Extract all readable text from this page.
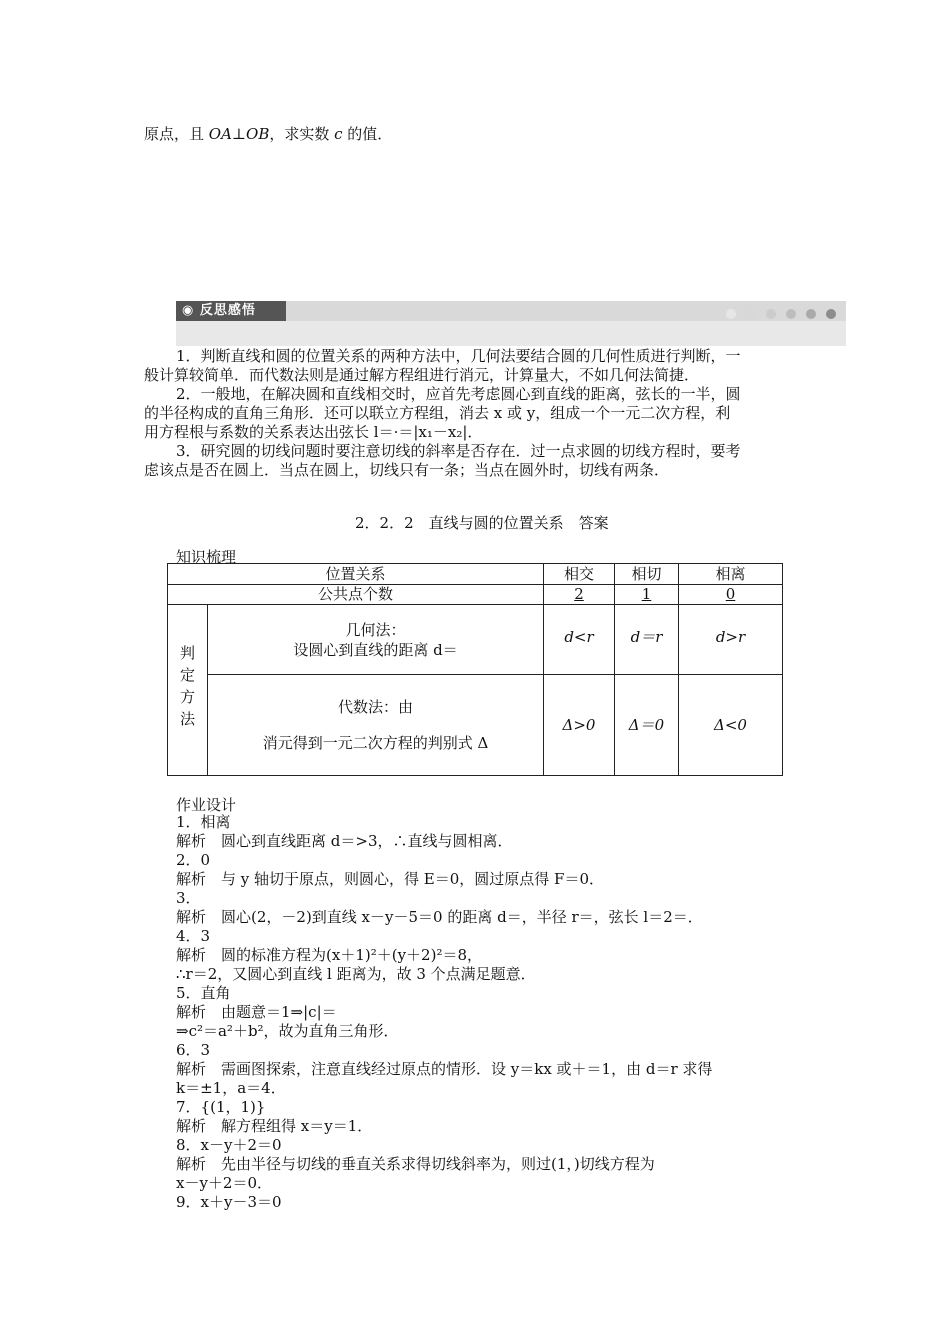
原点，且 OA⊥OB，求实数 c 的值．
◉ 反思感悟
1．判断直线和圆的位置关系的两种方法中，几何法要结合圆的几何性质进行判断，一
般计算较简单．而代数法则是通过解方程组进行消元，计算量大，不如几何法简捷．
2．一般地，在解决圆和直线相交时，应首先考虑圆心到直线的距离，弦长的一半，圆
的半径构成的直角三角形．还可以联立方程组，消去 x 或 y，组成一个一元二次方程，利
用方程根与系数的关系表达出弦长 l＝·＝|x₁－x₂|．
3．研究圆的切线问题时要注意切线的斜率是否存在．过一点求圆的切线方程时，要考
虑该点是否在圆上．当点在圆上，切线只有一条；当点在圆外时，切线有两条．
2．2．2　直线与圆的位置关系　答案
知识梳理
位置关系	相交	相切	相离
公共点个数	2	1	0
判
定
方
法
几何法：
设圆心到直线的距离 d＝
d<r	d＝r	d>r
代数法：由
消元得到一元二次方程的判别式 Δ
Δ>0	Δ＝0	Δ<0
作业设计
1．相离
解析　圆心到直线距离 d＝>3，∴直线与圆相离．
2．0
解析　与 y 轴切于原点，则圆心，得 E＝0，圆过原点得 F＝0．
3．
解析　圆心(2，－2)到直线 x－y－5＝0 的距离 d＝，半径 r＝，弦长 l＝2＝．
4．3
解析　圆的标准方程为(x＋1)²＋(y＋2)²＝8，
∴r＝2，又圆心到直线 l 距离为，故 3 个点满足题意．
5．直角
解析　由题意＝1⇒|c|＝
⇒c²＝a²＋b²，故为直角三角形．
6．3
解析　需画图探索，注意直线经过原点的情形．设 y＝kx 或＋＝1，由 d＝r 求得
k＝±1，a＝4．
7．{(1，1)}
解析　解方程组得 x＝y＝1．
8．x－y＋2＝0
解析　先由半径与切线的垂直关系求得切线斜率为，则过(1，)切线方程为
x－y＋2＝0．
9．x＋y－3＝0
